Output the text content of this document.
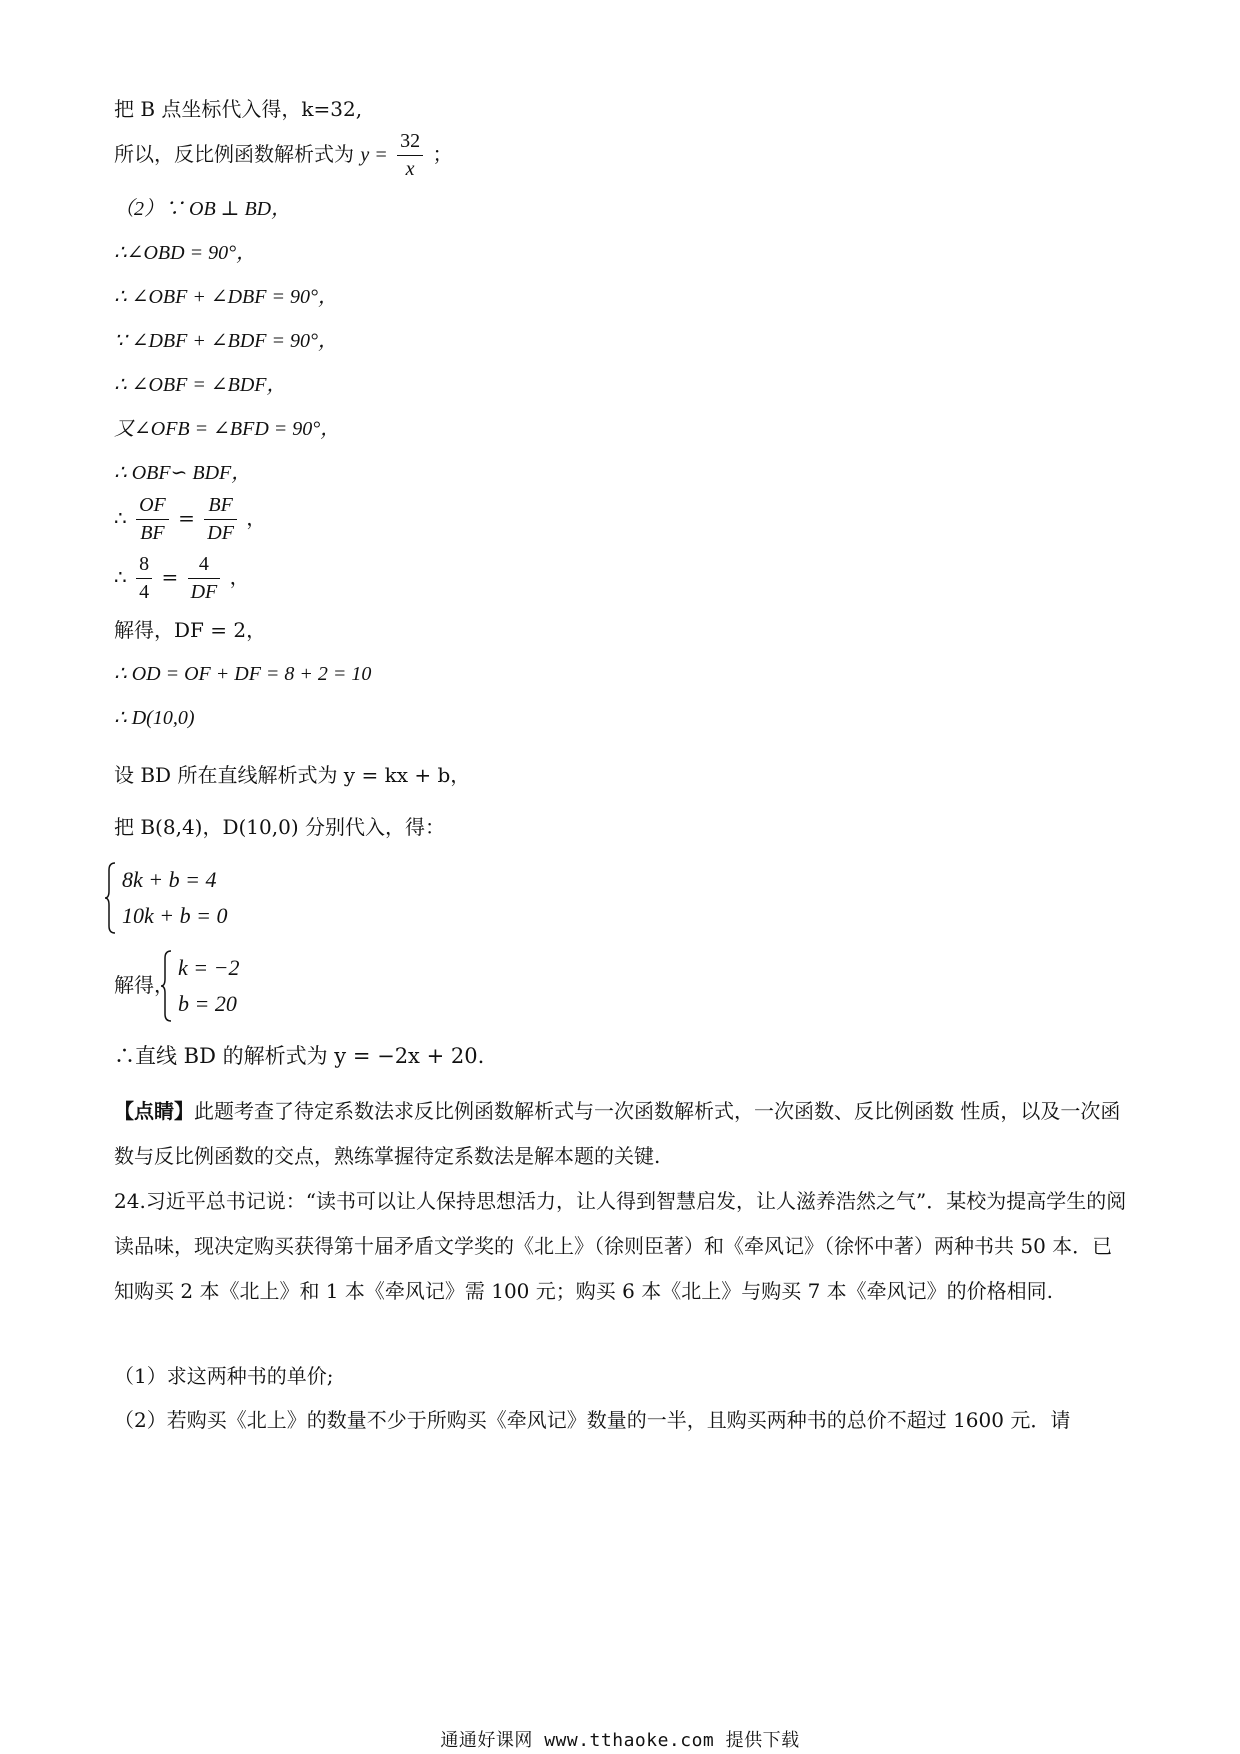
把 B 点坐标代入得，k=32,
所以，反比例函数解析式为 $y = \frac{32}{x}$ ；
（2）∵ OB ⊥ BD，
∴∠OBD = 90°，
∴ ∠OBF + ∠DBF = 90°，
∵ ∠DBF + ∠BDF = 90°，
∴ ∠OBF = ∠BDF，
又∠OFB = ∠BFD = 90°，
∴ OBF∽ BDF，
∴ $\frac{OF}{BF} = \frac{BF}{DF}$ ，
∴ $\frac{8}{4} = \frac{4}{DF}$ ，
解得，DF = 2，
∴ OD = OF + DF = 8 + 2 = 10
∴ D(10,0)
设 BD 所在直线解析式为 y = kx + b，
把 B(8,4)，D(10,0) 分别代入，得：
8k + b = 4
10k + b = 0
解得，
k = −2
b = 20
∴直线 BD 的解析式为 y = −2x + 20.
【点睛】此题考查了待定系数法求反比例函数解析式与一次函数解析式，一次函数、反比例函数 性质，以及一次函数与反比例函数的交点，熟练掌握待定系数法是解本题的关键.
24.习近平总书记说：“读书可以让人保持思想活力，让人得到智慧启发，让人滋养浩然之气”．某校为提高学生的阅读品味，现决定购买获得第十届矛盾文学奖的《北上》（徐则臣著）和《牵风记》（徐怀中著）两种书共 50 本．已知购买 2 本《北上》和 1 本《牵风记》需 100 元；购买 6 本《北上》与购买 7 本《牵风记》的价格相同.
（1）求这两种书的单价;
（2）若购买《北上》的数量不少于所购买《牵风记》数量的一半，且购买两种书的总价不超过 1600 元．请
通通好课网 www.tthaoke.com 提供下载
